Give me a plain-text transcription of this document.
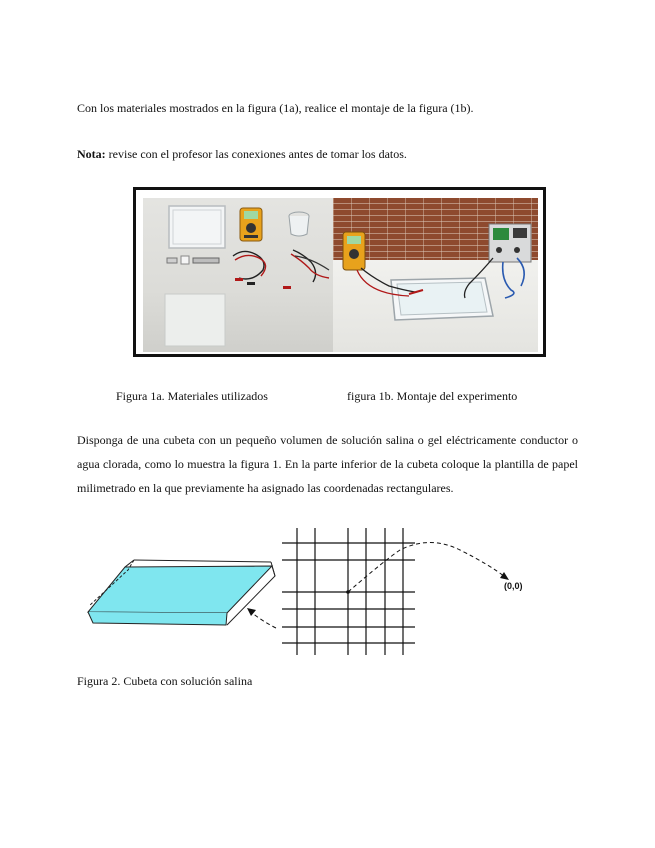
Con los materiales mostrados en la figura (1a), realice el montaje de la figura (1b).
Nota: revise con el profesor las conexiones antes de tomar los datos.
Figura 1a. Materiales utilizados	figura 1b. Montaje del experimento
Disponga de una cubeta con un pequeño volumen de solución salina o gel eléctricamente conductor o agua clorada, como lo muestra la figura 1. En la parte inferior de la cubeta coloque la plantilla de papel milimetrado en la que previamente ha asignado las coordenadas rectangulares.
(0,0)
Figura 2. Cubeta con solución salina
